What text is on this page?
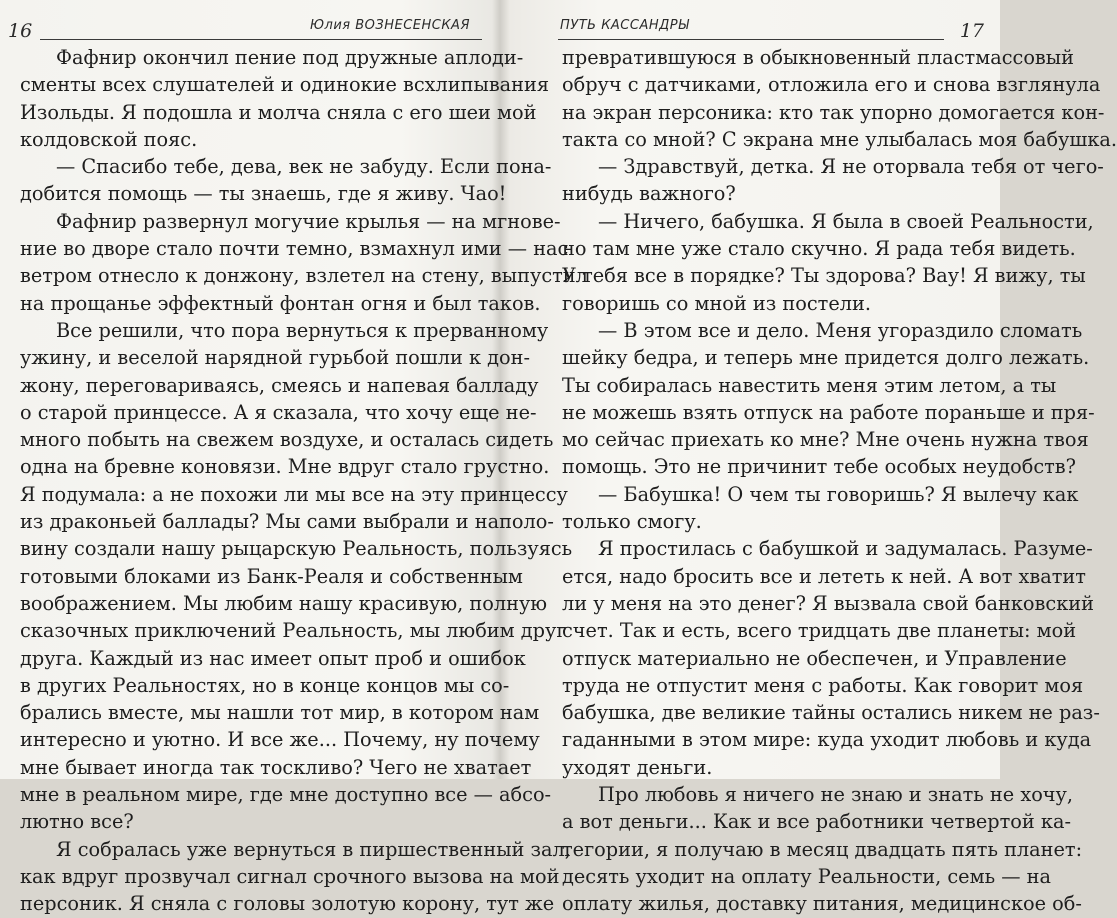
16	Юлия ВОЗНЕСЕНСКАЯ
Фафнир окончил пение под дружные аплоди-
сменты всех слушателей и одинокие всхлипывания
Изольды. Я подошла и молча сняла с его шеи мой
колдовской пояс.
— Спасибо тебе, дева, век не забуду. Если пона-
добится помощь — ты знаешь, где я живу. Чао!
Фафнир развернул могучие крылья — на мгнове-
ние во дворе стало почти темно, взмахнул ими — нас
ветром отнесло к донжону, взлетел на стену, выпустил
на прощанье эффектный фонтан огня и был таков.
Все решили, что пора вернуться к прерванному
ужину, и веселой нарядной гурьбой пошли к дон-
жону, переговариваясь, смеясь и напевая балладу
о старой принцессе. А я сказала, что хочу еще не-
много побыть на свежем воздухе, и осталась сидеть
одна на бревне коновязи. Мне вдруг стало грустно.
Я подумала: а не похожи ли мы все на эту принцессу
из драконьей баллады? Мы сами выбрали и наполо-
вину создали нашу рыцарскую Реальность, пользуясь
готовыми блоками из Банк-Реаля и собственным
воображением. Мы любим нашу красивую, полную
сказочных приключений Реальность, мы любим друг
друга. Каждый из нас имеет опыт проб и ошибок
в других Реальностях, но в конце концов мы со-
брались вместе, мы нашли тот мир, в котором нам
интересно и уютно. И все же... Почему, ну почему
мне бывает иногда так тоскливо? Чего не хватает
мне в реальном мире, где мне доступно все — абсо-
лютно все?
Я собралась уже вернуться в пиршественный зал,
как вдруг прозвучал сигнал срочного вызова на мой
персоник. Я сняла с головы золотую корону, тут же
ПУТЬ КАССАНДРЫ	17
превратившуюся в обыкновенный пластмассовый
обруч с датчиками, отложила его и снова взглянула
на экран персоника: кто так упорно домогается кон-
такта со мной? С экрана мне улыбалась моя бабушка.
— Здравствуй, детка. Я не оторвала тебя от чего-
нибудь важного?
— Ничего, бабушка. Я была в своей Реальности,
но там мне уже стало скучно. Я рада тебя видеть.
У тебя все в порядке? Ты здорова? Вау! Я вижу, ты
говоришь со мной из постели.
— В этом все и дело. Меня угораздило сломать
шейку бедра, и теперь мне придется долго лежать.
Ты собиралась навестить меня этим летом, а ты
не можешь взять отпуск на работе пораньше и пря-
мо сейчас приехать ко мне? Мне очень нужна твоя
помощь. Это не причинит тебе особых неудобств?
— Бабушка! О чем ты говоришь? Я вылечу как
только смогу.
Я простилась с бабушкой и задумалась. Разуме-
ется, надо бросить все и лететь к ней. А вот хватит
ли у меня на это денег? Я вызвала свой банковский
счет. Так и есть, всего тридцать две планеты: мой
отпуск материально не обеспечен, и Управление
труда не отпустит меня с работы. Как говорит моя
бабушка, две великие тайны остались никем не раз-
гаданными в этом мире: куда уходит любовь и куда
уходят деньги.
Про любовь я ничего не знаю и знать не хочу,
а вот деньги... Как и все работники четвертой ка-
тегории, я получаю в месяц двадцать пять планет:
десять уходит на оплату Реальности, семь — на
оплату жилья, доставку питания, медицинское об-
